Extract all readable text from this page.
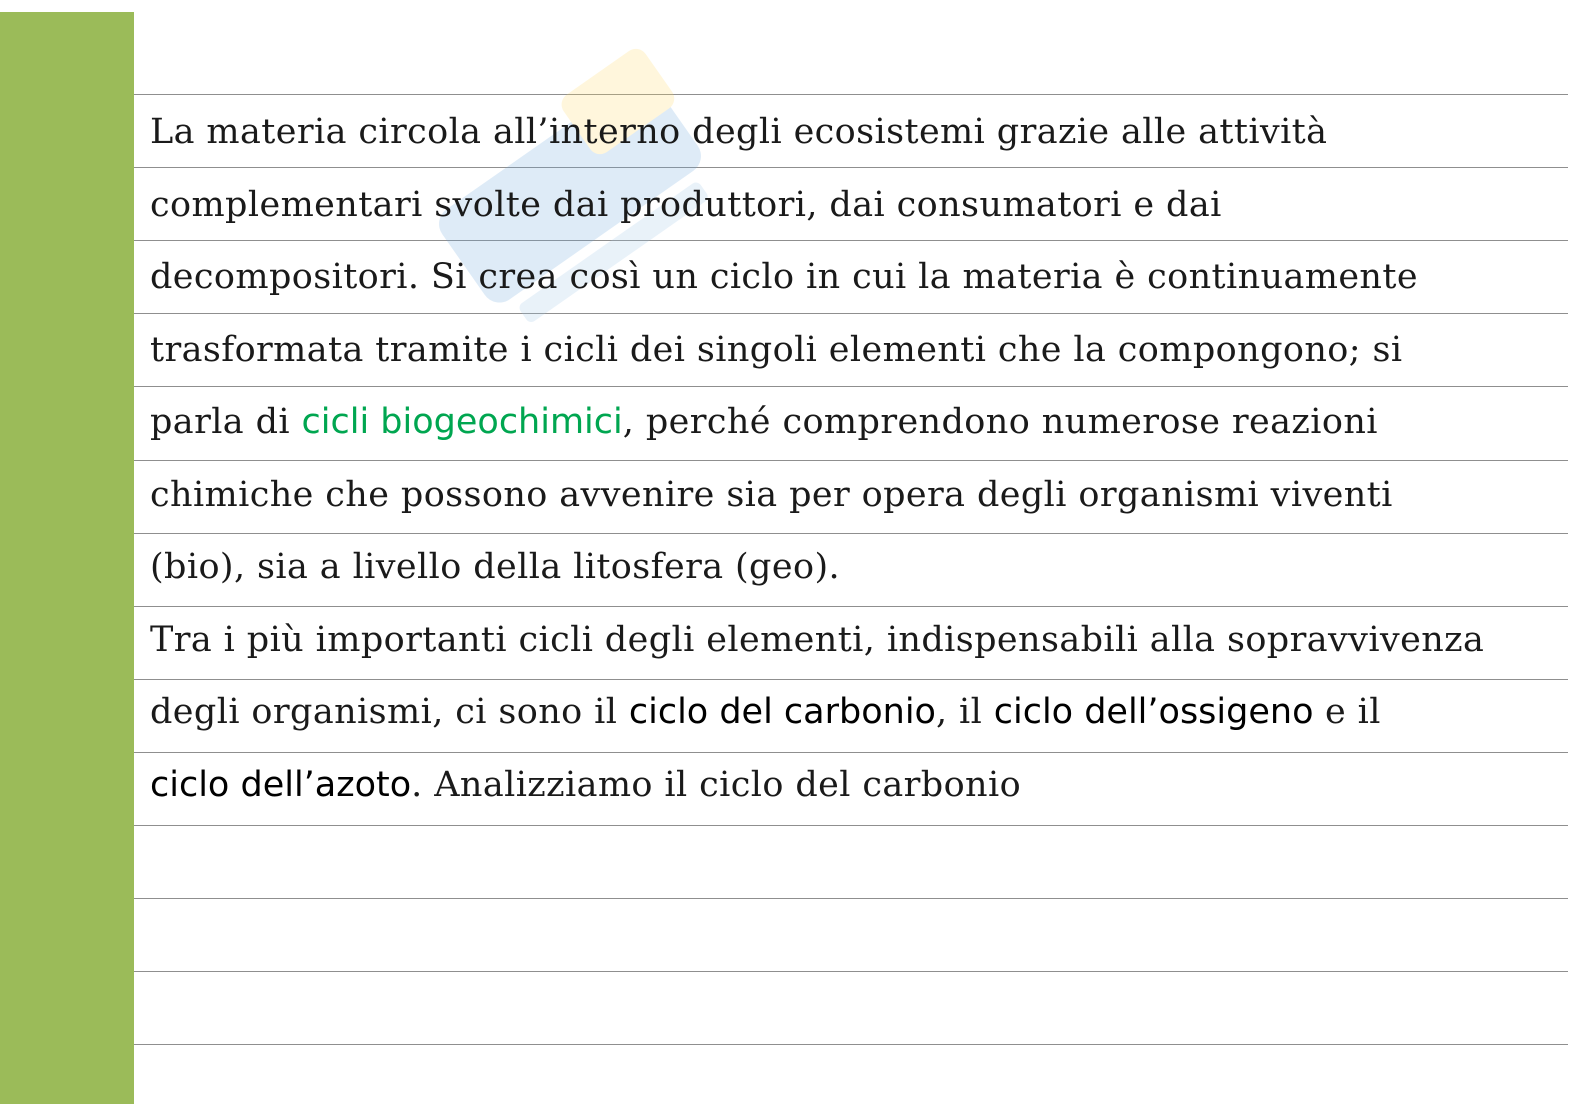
La materia circola all’interno degli ecosistemi grazie alle attività
complementari svolte dai produttori, dai consumatori e dai
decompositori. Si crea così un ciclo in cui la materia è continuamente
trasformata tramite i cicli dei singoli elementi che la compongono; si
parla di cicli biogeochimici, perché comprendono numerose reazioni
chimiche che possono avvenire sia per opera degli organismi viventi
(bio), sia a livello della litosfera (geo).
Tra i più importanti cicli degli elementi, indispensabili alla sopravvivenza
degli organismi, ci sono il ciclo del carbonio, il ciclo dell’ossigeno e il
ciclo dell’azoto. Analizziamo il ciclo del carbonio
